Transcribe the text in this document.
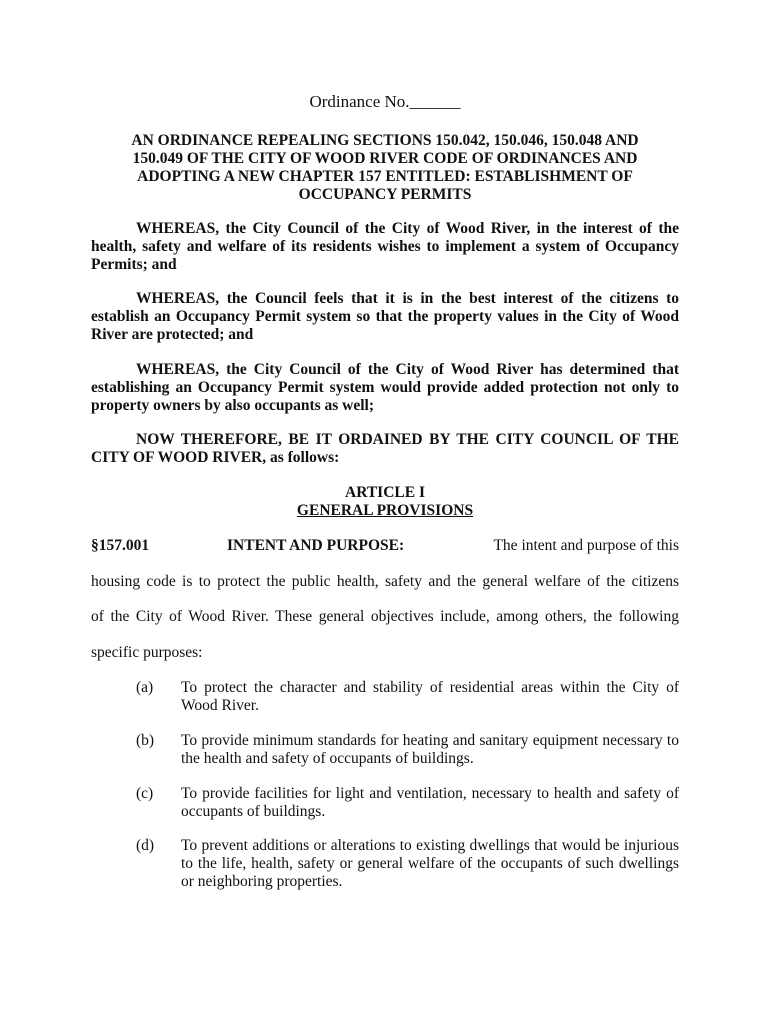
Ordinance No.______
AN ORDINANCE REPEALING SECTIONS 150.042, 150.046, 150.048 AND
150.049 OF THE CITY OF WOOD RIVER CODE OF ORDINANCES AND
ADOPTING A NEW CHAPTER 157 ENTITLED: ESTABLISHMENT OF
OCCUPANCY PERMITS
WHEREAS, the City Council of the City of Wood River, in the interest of the health, safety and welfare of its residents wishes to implement a system of Occupancy Permits; and
WHEREAS, the Council feels that it is in the best interest of the citizens to establish an Occupancy Permit system so that the property values in the City of Wood River are protected; and
WHEREAS, the City Council of the City of Wood River has determined that establishing an Occupancy Permit system would provide added protection not only to property owners by also occupants as well;
NOW THEREFORE, BE IT ORDAINED BY THE CITY COUNCIL OF THE CITY OF WOOD RIVER, as follows:
ARTICLE I
GENERAL PROVISIONS
§157.001	INTENT AND PURPOSE:	The intent and purpose of this
housing code is to protect the public health, safety and the general welfare of the citizens
of the City of Wood River. These general objectives include, among others, the following
specific purposes:
(a) To protect the character and stability of residential areas within the City of Wood River.
(b) To provide minimum standards for heating and sanitary equipment necessary to the health and safety of occupants of buildings.
(c) To provide facilities for light and ventilation, necessary to health and safety of occupants of buildings.
(d) To prevent additions or alterations to existing dwellings that would be injurious to the life, health, safety or general welfare of the occupants of such dwellings or neighboring properties.
